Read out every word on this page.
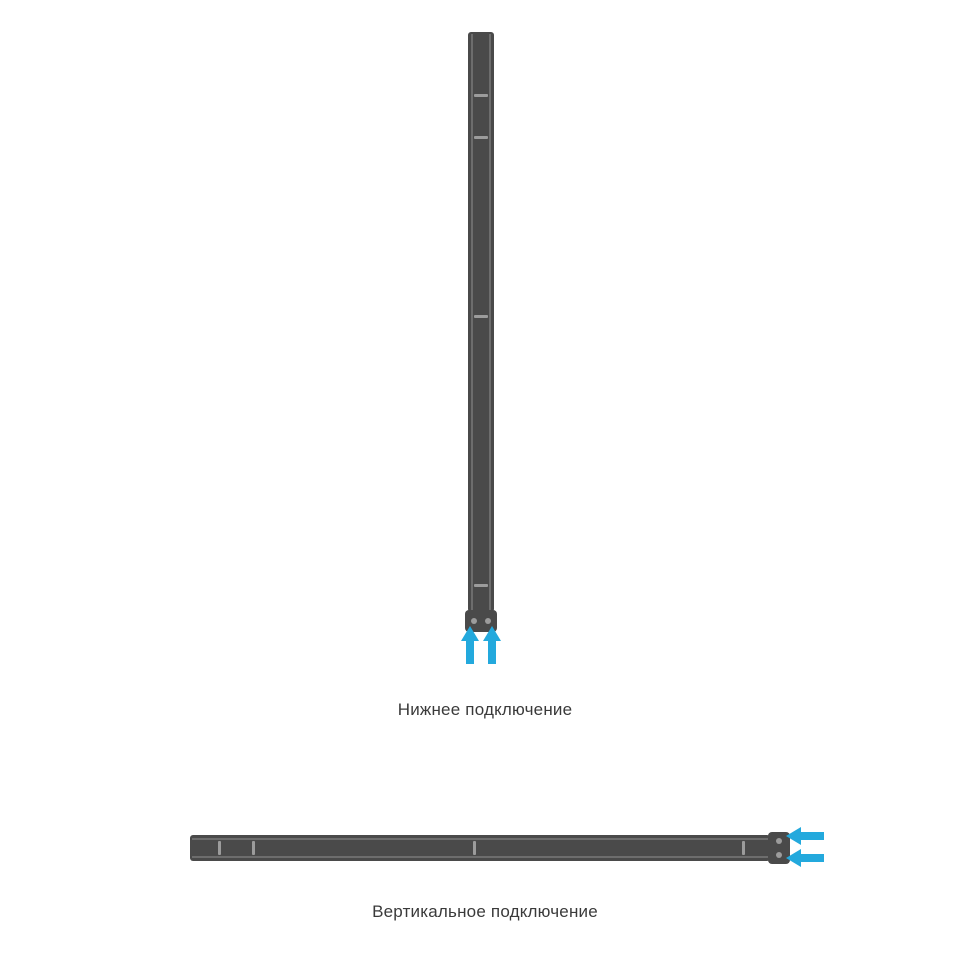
Нижнее подключение
Вертикальное подключение
